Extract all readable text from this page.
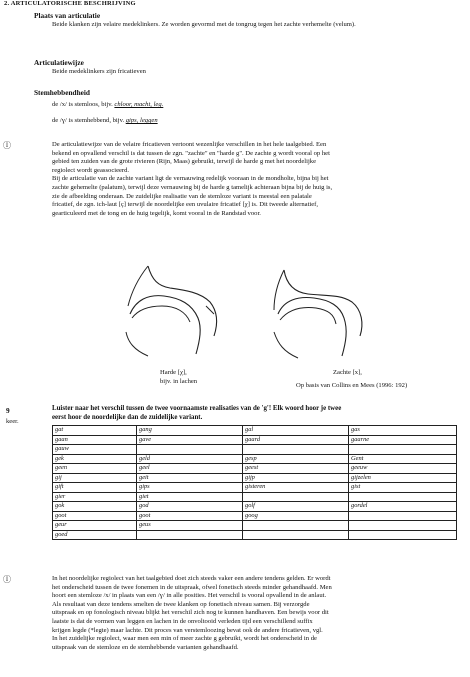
2. ARTICULATORISCHE BESCHRIJVING
Plaats van articulatie
Beide klanken zijn velaire medeklinkers. Ze worden gevormd met de tongrug tegen het zachte verhemelte (velum).
Articulatiewijze
Beide medeklinkers zijn fricatieven
Stemhebbendheid
de /x/ is stemloos, bijv. chloor, macht, leg.
de /ɣ/ is stemhebbend, bijv. gips, leggen
Ⓘ	De articulatiewijze van de velaire fricatieven vertoont wezenlijke verschillen in het hele taalgebied. Een
bekend en opvallend verschil is dat tussen de zgn. "zachte" en "harde g". De zachte g wordt vooral op het
gebied ten zuiden van de grote rivieren (Rijn, Maas) gebruikt, terwijl de harde g met het noordelijke
regiolect wordt geassocieerd.
Bij de articulatie van de zachte variant ligt de vernauwing redelijk vooraan in de mondholte, bijna bij het
zachte gehemelte (palatum), terwijl deze vernauwing bij de harde g tamelijk achteraan bijna bij de huig is,
zie de afbeelding onderaan. De zuidelijke realisatie van de stemloze variant is meestal een palatale
fricatief, de zgn. ich-laut [ç] terwijl de noordelijke een uvulaire fricatief [χ] is. Dit tweede alternatief,
gearticuleerd met de tong en de huig tegelijk, komt vooral in de Randstad voor.
Harde [χ],
bijv. in lachen
Zachte [x],
Op basis van Collins en Mees (1996: 192)
9
keer.
Luister naar het verschil tussen de twee voornaamste realisaties van de 'g'! Elk woord hoor je twee
eerst hoor de noordelijke dan de zuidelijke variant.
gat	gang	gal	gas
gaan	gave	gaard	gaarne
gauw			
gek	geld	gesp	Gent
geen	geel	geest	geeuw
gij	geit	gijp	gijzelen
gift	gips	gisteren	gist
gier	giet		
gok	god	golf	gordel
goot	goot	goog	
geur	geus		
goed			
Ⓘ	In het noordelijke regiolect van het taalgebied doet zich steeds vaker een andere tendens gelden. Er wordt
het onderscheid tussen de twee fonemen in de uitspraak, ofwel fonetisch steeds minder gehandhaafd. Men
hoort een stemloze /x/ in plaats van een /ɣ/ in alle posities. Het verschil is vooral opvallend in de anlaut.
Als resultaat van deze tendens smelten de twee klanken op fonetisch niveau samen. Bij verzorgde
uitspraak en op fonologisch niveau blijkt het verschil zich nog te kunnen handhaven. Een bewijs voor dit
laatste is dat de vormen van leggen en lachen in de onvoltooid verleden tijd een verschillend suffix
krijgen legde (*legte) maar lachte. Dit proces van verstemloozing bevat ook de andere fricatieven, vgl.
In het zuidelijke regiolect, waar men een min of meer zachte g gebruikt, wordt het onderscheid in de
uitspraak van de stemloze en de stemhebbende varianten gehandhaafd.
